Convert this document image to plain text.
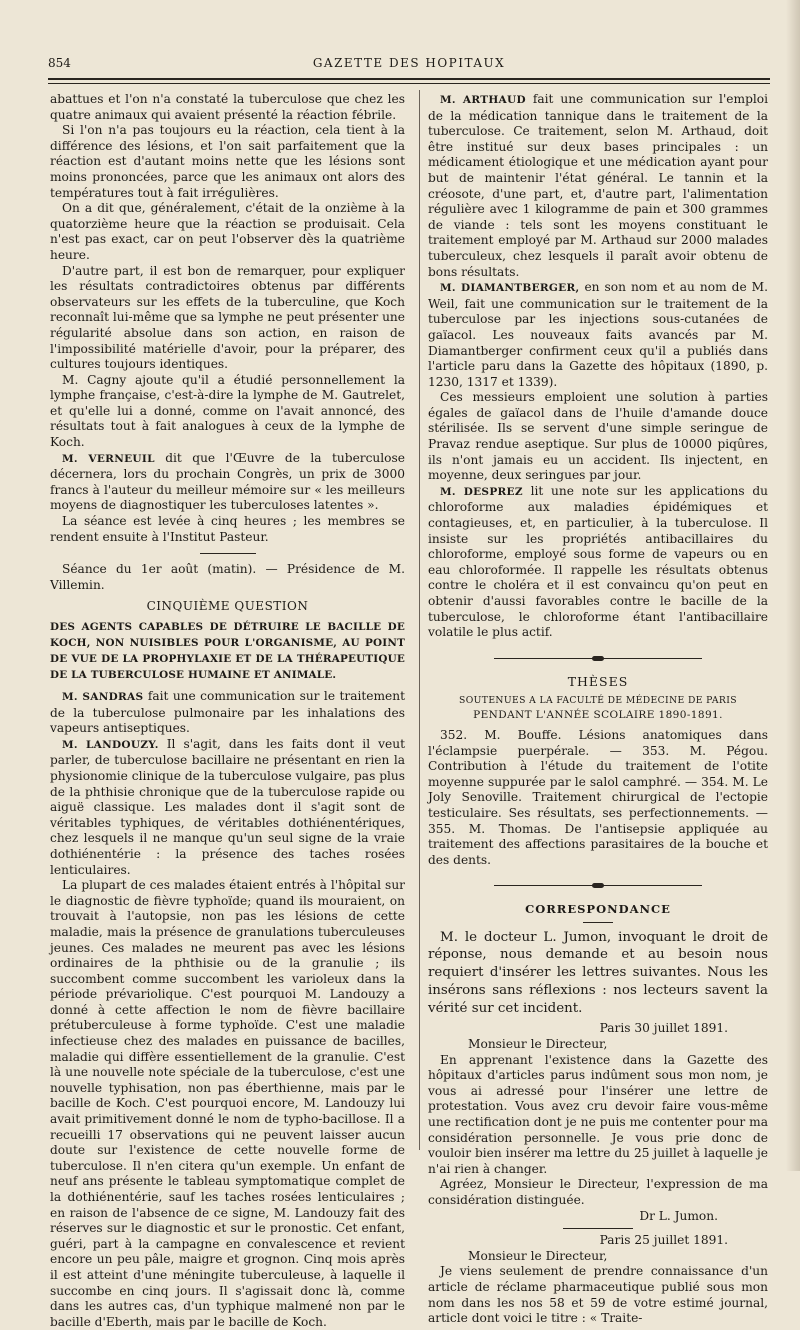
854	GAZETTE DES HOPITAUX

abattues et l'on n'a constaté la tuberculose que chez les quatre animaux qui avaient présenté la réaction fébrile.

Si l'on n'a pas toujours eu la réaction, cela tient à la différence des lésions, et l'on sait parfaitement que la réaction est d'autant moins nette que les lésions sont moins prononcées, parce que les animaux ont alors des températures tout à fait irrégulières.

On a dit que, généralement, c'était de la onzième à la quatorzième heure que la réaction se produisait. Cela n'est pas exact, car on peut l'observer dès la quatrième heure.

D'autre part, il est bon de remarquer, pour expliquer les résultats contradictoires obtenus par différents observateurs sur les effets de la tuberculine, que Koch reconnaît lui-même que sa lymphe ne peut présenter une régularité absolue dans son action, en raison de l'impossibilité matérielle d'avoir, pour la préparer, des cultures toujours identiques.

M. Cagny ajoute qu'il a étudié personnellement la lymphe française, c'est-à-dire la lymphe de M. Gautrelet, et qu'elle lui a donné, comme on l'avait annoncé, des résultats tout à fait analogues à ceux de la lymphe de Koch.

M. VERNEUIL dit que l'Œuvre de la tuberculose décernera, lors du prochain Congrès, un prix de 3000 francs à l'auteur du meilleur mémoire sur « les meilleurs moyens de diagnostiquer les tuberculoses latentes ».

La séance est levée à cinq heures ; les membres se rendent ensuite à l'Institut Pasteur.

Séance du 1er août (matin). — Présidence de M. Villemin.

CINQUIÈME QUESTION

DES AGENTS CAPABLES DE DÉTRUIRE LE BACILLE DE KOCH, NON NUISIBLES POUR L'ORGANISME, AU POINT DE VUE DE LA PROPHYLAXIE ET DE LA THÉRAPEUTIQUE DE LA TUBERCULOSE HUMAINE ET ANIMALE.

M. SANDRAS fait une communication sur le traitement de la tuberculose pulmonaire par les inhalations des vapeurs antiseptiques.

M. LANDOUZY. Il s'agit, dans les faits dont il veut parler, de tuberculose bacillaire ne présentant en rien la physionomie clinique de la tuberculose vulgaire, pas plus de la phthisie chronique que de la tuberculose rapide ou aiguë classique. Les malades dont il s'agit sont de véritables typhiques, de véritables dothiénentériques, chez lesquels il ne manque qu'un seul signe de la vraie dothiénentérie : la présence des taches rosées lenticulaires.

La plupart de ces malades étaient entrés à l'hôpital sur le diagnostic de fièvre typhoïde; quand ils mouraient, on trouvait à l'autopsie, non pas les lésions de cette maladie, mais la présence de granulations tuberculeuses jeunes. Ces malades ne meurent pas avec les lésions ordinaires de la phthisie ou de la granulie ; ils succombent comme succombent les varioleux dans la période prévariolique. C'est pourquoi M. Landouzy a donné à cette affection le nom de fièvre bacillaire prétuberculeuse à forme typhoïde. C'est une maladie infectieuse chez des malades en puissance de bacilles, maladie qui diffère essentiellement de la granulie. C'est là une nouvelle note spéciale de la tuberculose, c'est une nouvelle typhisation, non pas éberthienne, mais par le bacille de Koch. C'est pourquoi encore, M. Landouzy lui avait primitivement donné le nom de typho-bacillose. Il a recueilli 17 observations qui ne peuvent laisser aucun doute sur l'existence de cette nouvelle forme de tuberculose. Il n'en citera qu'un exemple. Un enfant de neuf ans présente le tableau symptomatique complet de la dothiénentérie, sauf les taches rosées lenticulaires ; en raison de l'absence de ce signe, M. Landouzy fait des réserves sur le diagnostic et sur le pronostic. Cet enfant, guéri, part à la campagne en convalescence et revient encore un peu pâle, maigre et grognon. Cinq mois après il est atteint d'une méningite tuberculeuse, à laquelle il succombe en cinq jours. Il s'agissait donc là, comme dans les autres cas, d'un typhique malmené non par le bacille d'Eberth, mais par le bacille de Koch.

M. ARTHAUD fait une communication sur l'emploi de la médication tannique dans le traitement de la tuberculose. Ce traitement, selon M. Arthaud, doit être institué sur deux bases principales : un médicament étiologique et une médication ayant pour but de maintenir l'état général. Le tannin et la créosote, d'une part, et, d'autre part, l'alimentation régulière avec 1 kilogramme de pain et 300 grammes de viande : tels sont les moyens constituant le traitement employé par M. Arthaud sur 2000 malades tuberculeux, chez lesquels il paraît avoir obtenu de bons résultats.

M. DIAMANTBERGER, en son nom et au nom de M. Weil, fait une communication sur le traitement de la tuberculose par les injections sous-cutanées de gaïacol. Les nouveaux faits avancés par M. Diamantberger confirment ceux qu'il a publiés dans l'article paru dans la Gazette des hôpitaux (1890, p. 1230, 1317 et 1339).

Ces messieurs emploient une solution à parties égales de gaïacol dans de l'huile d'amande douce stérilisée. Ils se servent d'une simple seringue de Pravaz rendue aseptique. Sur plus de 10000 piqûres, ils n'ont jamais eu un accident. Ils injectent, en moyenne, deux seringues par jour.

M. DESPREZ lit une note sur les applications du chloroforme aux maladies épidémiques et contagieuses, et, en particulier, à la tuberculose. Il insiste sur les propriétés antibacillaires du chloroforme, employé sous forme de vapeurs ou en eau chloroformée. Il rappelle les résultats obtenus contre le choléra et il est convaincu qu'on peut en obtenir d'aussi favorables contre le bacille de la tuberculose, le chloroforme étant l'antibacillaire volatile le plus actif.

THÈSES
SOUTENUES A LA FACULTÉ DE MÉDECINE DE PARIS
PENDANT L'ANNÉE SCOLAIRE 1890-1891.

352. M. Bouffe. Lésions anatomiques dans l'éclampsie puerpérale. — 353. M. Pégou. Contribution à l'étude du traitement de l'otite moyenne suppurée par le salol camphré. — 354. M. Le Joly Senoville. Traitement chirurgical de l'ectopie testiculaire. Ses résultats, ses perfectionnements. — 355. M. Thomas. De l'antisepsie appliquée au traitement des affections parasitaires de la bouche et des dents.

CORRESPONDANCE

M. le docteur L. Jumon, invoquant le droit de réponse, nous demande et au besoin nous requiert d'insérer les lettres suivantes. Nous les insérons sans réflexions : nos lecteurs savent la vérité sur cet incident.

Paris 30 juillet 1891.

Monsieur le Directeur,

En apprenant l'existence dans la Gazette des hôpitaux d'articles parus indûment sous mon nom, je vous ai adressé pour l'insérer une lettre de protestation. Vous avez cru devoir faire vous-même une rectification dont je ne puis me contenter pour ma considération personnelle. Je vous prie donc de vouloir bien insérer ma lettre du 25 juillet à laquelle je n'ai rien à changer.

Agréez, Monsieur le Directeur, l'expression de ma considération distinguée.

Dr L. Jumon.

Paris 25 juillet 1891.

Monsieur le Directeur,

Je viens seulement de prendre connaissance d'un article de réclame pharmaceutique publié sous mon nom dans les nos 58 et 59 de votre estimé journal, article dont voici le titre : « Traite-
